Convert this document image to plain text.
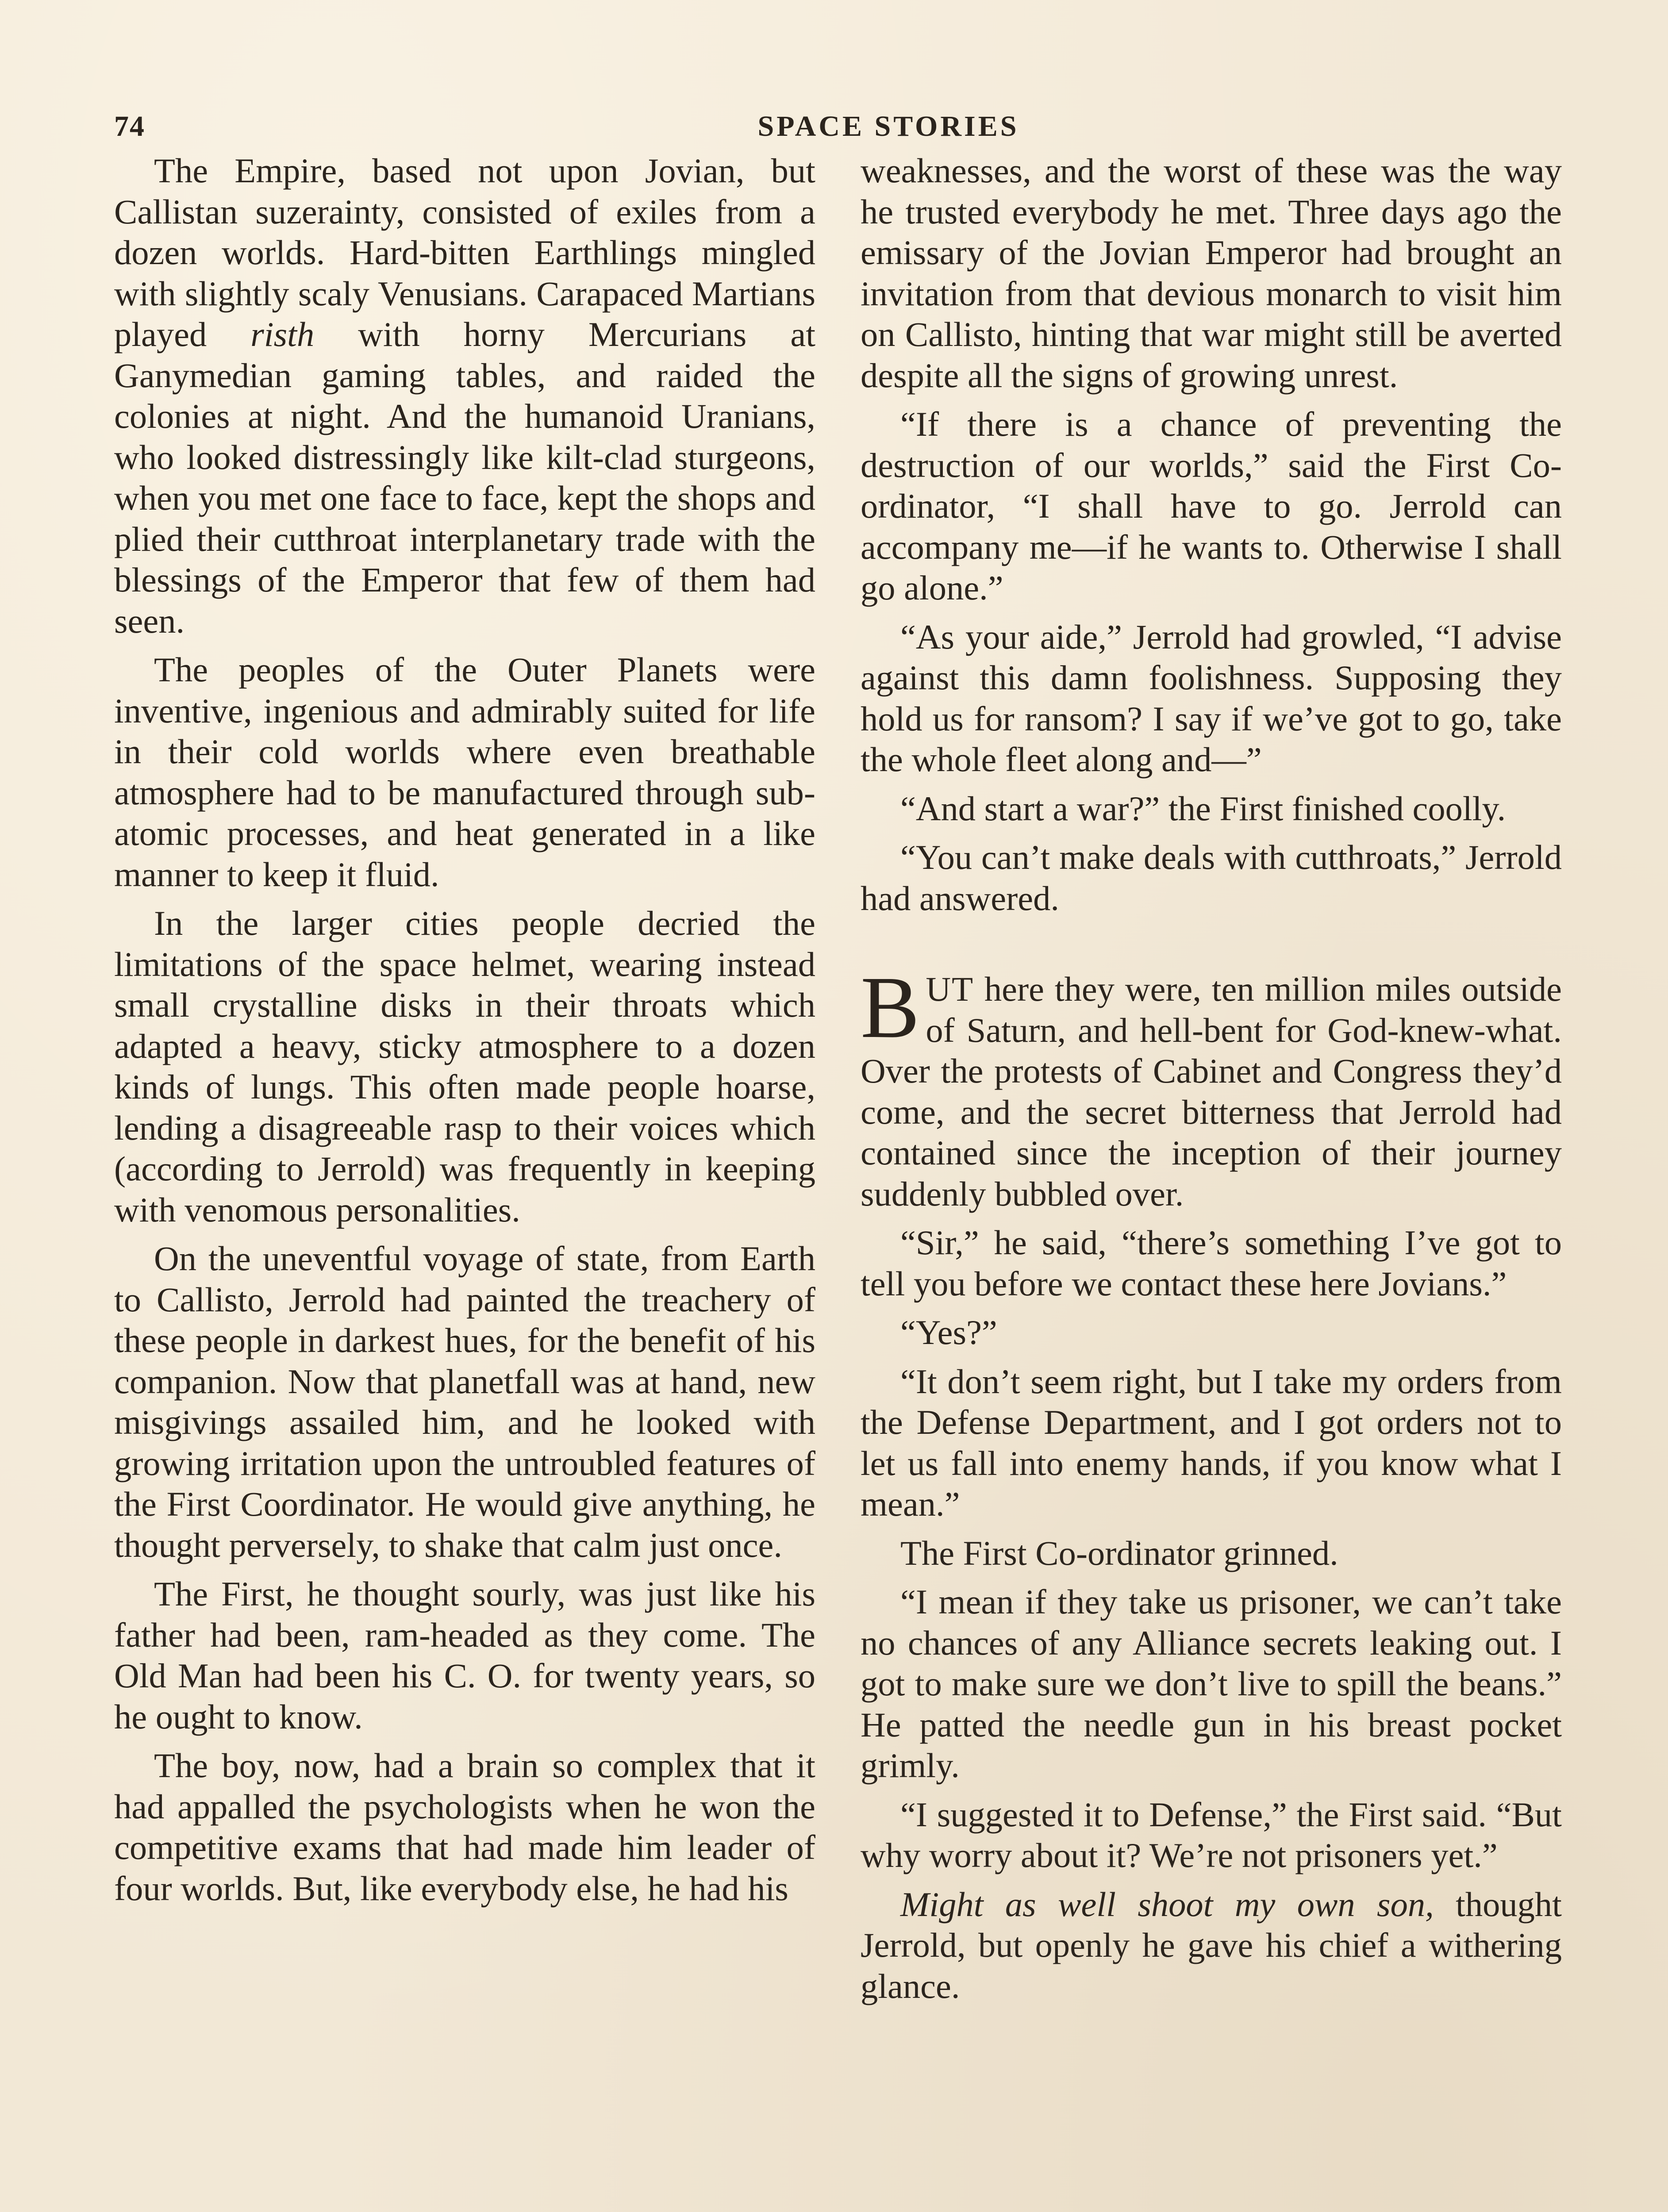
74	SPACE STORIES

The Empire, based not upon Jovian, but Callistan suzerainty, consisted of exiles from a dozen worlds. Hard-bitten Earthlings mingled with slightly scaly Venusians. Carapaced Martians played risth with horny Mercurians at Ganymedian gaming tables, and raided the colonies at night. And the humanoid Uranians, who looked distressingly like kilt-clad sturgeons, when you met one face to face, kept the shops and plied their cutthroat interplanetary trade with the blessings of the Emperor that few of them had seen.

The peoples of the Outer Planets were inventive, ingenious and admirably suited for life in their cold worlds where even breathable atmosphere had to be manufactured through sub-atomic processes, and heat generated in a like manner to keep it fluid.

In the larger cities people decried the limitations of the space helmet, wearing instead small crystalline disks in their throats which adapted a heavy, sticky atmosphere to a dozen kinds of lungs. This often made people hoarse, lending a disagreeable rasp to their voices which (according to Jerrold) was frequently in keeping with venomous personalities.

On the uneventful voyage of state, from Earth to Callisto, Jerrold had painted the treachery of these people in darkest hues, for the benefit of his companion. Now that planetfall was at hand, new misgivings assailed him, and he looked with growing irritation upon the untroubled features of the First Coordinator. He would give anything, he thought perversely, to shake that calm just once.

The First, he thought sourly, was just like his father had been, ram-headed as they come. The Old Man had been his C. O. for twenty years, so he ought to know.

The boy, now, had a brain so complex that it had appalled the psychologists when he won the competitive exams that had made him leader of four worlds. But, like everybody else, he had his

weaknesses, and the worst of these was the way he trusted everybody he met. Three days ago the emissary of the Jovian Emperor had brought an invitation from that devious monarch to visit him on Callisto, hinting that war might still be averted despite all the signs of growing unrest.

“If there is a chance of preventing the destruction of our worlds,” said the First Co-ordinator, “I shall have to go. Jerrold can accompany me—if he wants to. Otherwise I shall go alone.”

“As your aide,” Jerrold had growled, “I advise against this damn foolishness. Supposing they hold us for ransom? I say if we’ve got to go, take the whole fleet along and—”

“And start a war?” the First finished coolly.

“You can’t make deals with cutthroats,” Jerrold had answered.

BUT here they were, ten million miles outside of Saturn, and hell-bent for God-knew-what. Over the protests of Cabinet and Congress they’d come, and the secret bitterness that Jerrold had contained since the inception of their journey suddenly bubbled over.

“Sir,” he said, “there’s something I’ve got to tell you before we contact these here Jovians.”

“Yes?”

“It don’t seem right, but I take my orders from the Defense Department, and I got orders not to let us fall into enemy hands, if you know what I mean.”

The First Co-ordinator grinned.

“I mean if they take us prisoner, we can’t take no chances of any Alliance secrets leaking out. I got to make sure we don’t live to spill the beans.” He patted the needle gun in his breast pocket grimly.

“I suggested it to Defense,” the First said. “But why worry about it? We’re not prisoners yet.”

Might as well shoot my own son, thought Jerrold, but openly he gave his chief a withering glance.
